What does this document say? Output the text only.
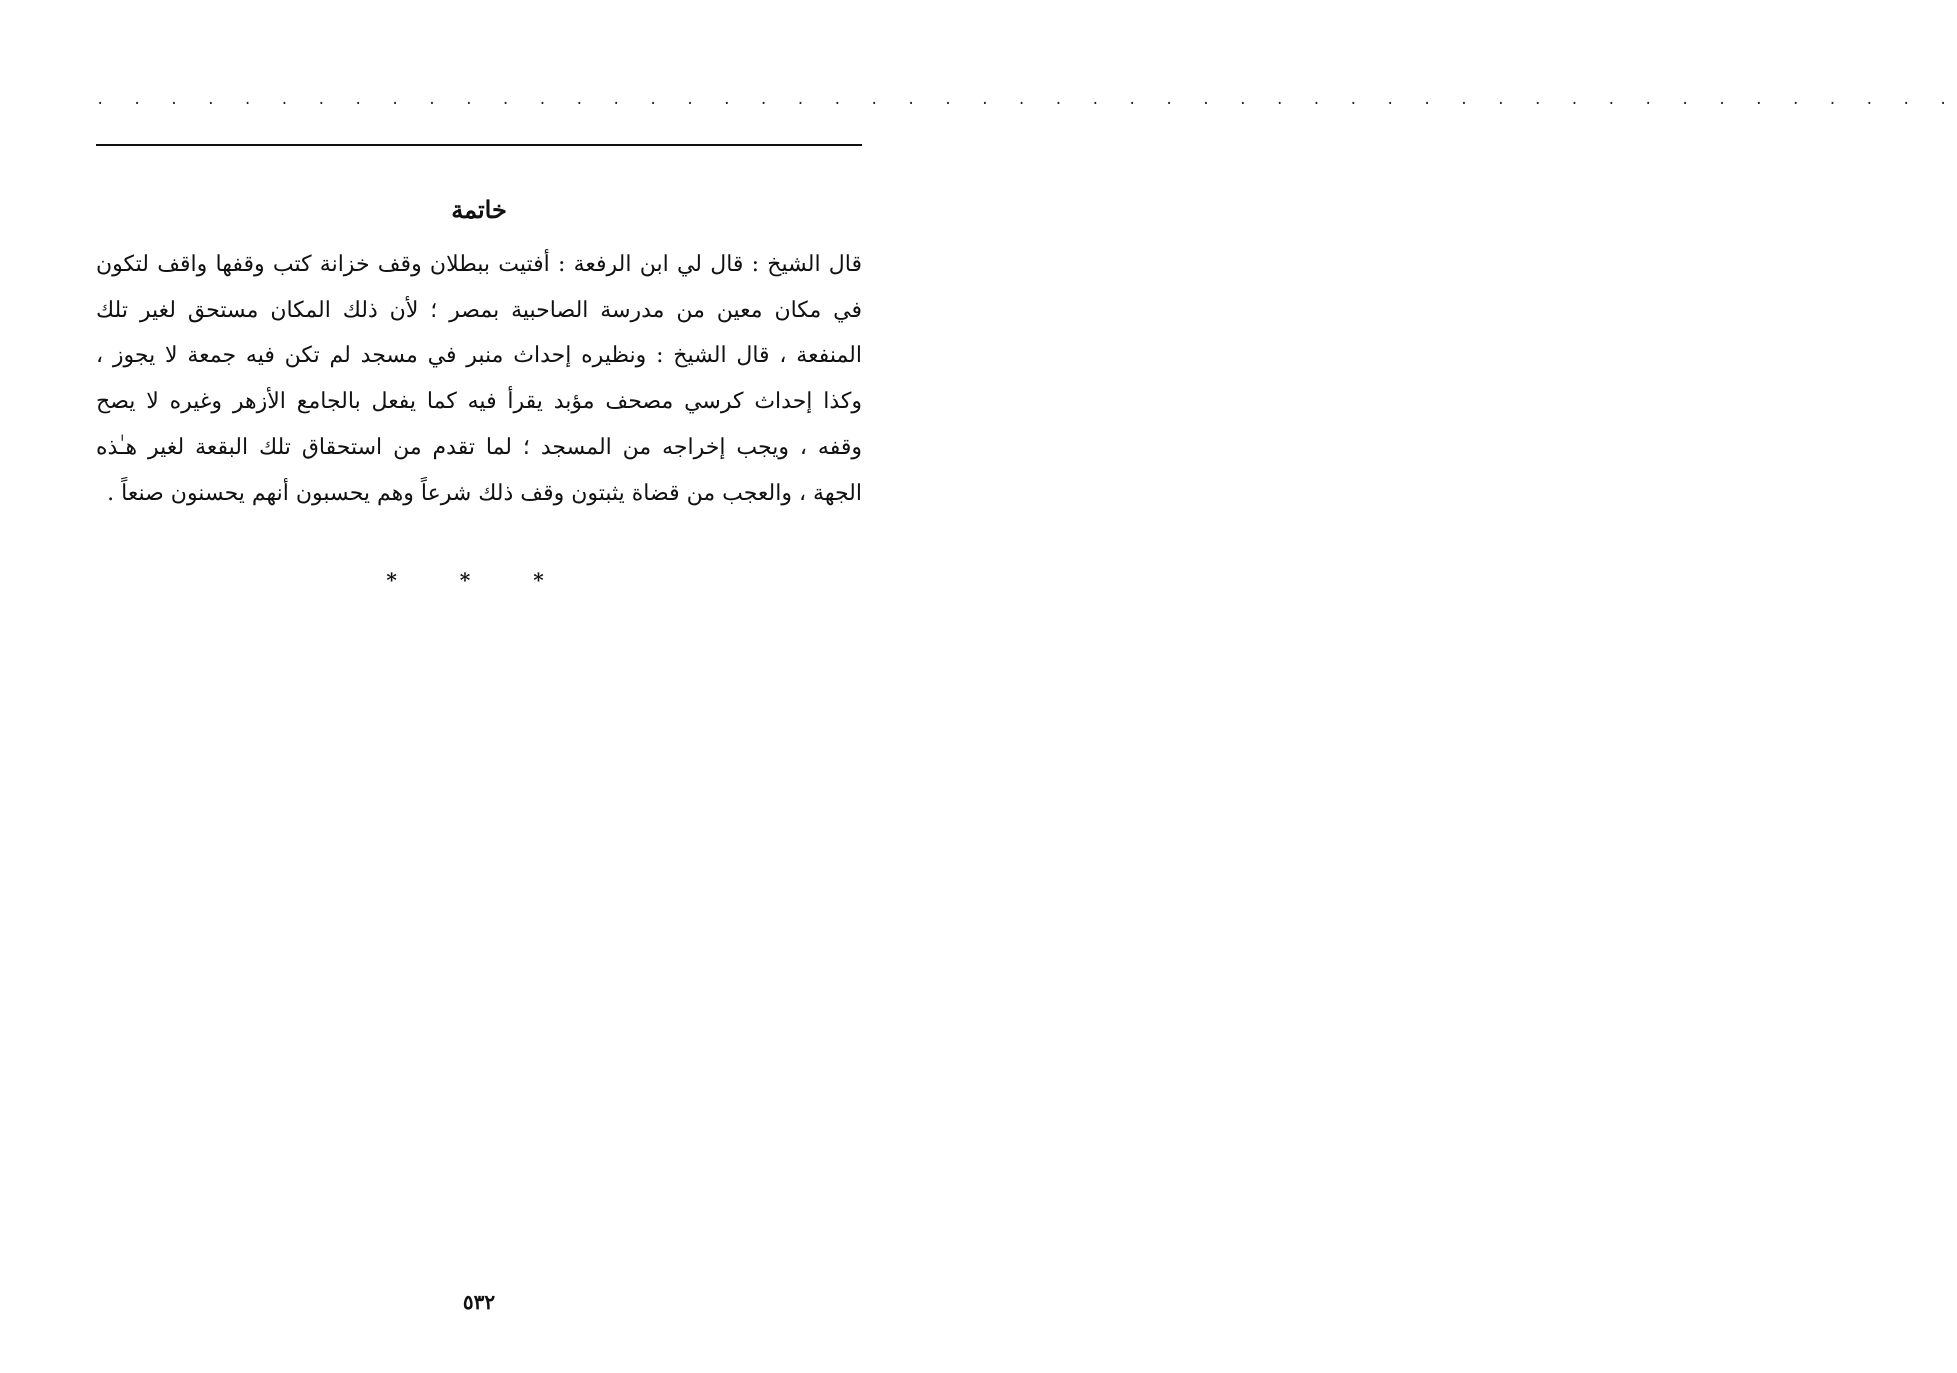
. . . . . . . . . . . . . . . . . . . . . . . . . . . . . . . . . . . . . . . . . . . . . . . . . . .
خاتمة
قال الشيخ : قال لي ابن الرفعة : أفتيت ببطلان وقف خزانة كتب وقفها واقف لتكون في مكان معين من مدرسة الصاحبية بمصر ؛ لأن ذلك المكان مستحق لغير تلك المنفعة ، قال الشيخ : ونظيره إحداث منبر في مسجد لم تكن فيه جمعة لا يجوز ، وكذا إحداث كرسي مصحف مؤبد يقرأ فيه كما يفعل بالجامع الأزهر وغيره لا يصح وقفه ، ويجب إخراجه من المسجد ؛ لما تقدم من استحقاق تلك البقعة لغير هـٰذه الجهة ، والعجب من قضاة يثبتون وقف ذلك شرعاً وهم يحسبون أنهم يحسنون صنعاً .
* * *
٥٣٢
